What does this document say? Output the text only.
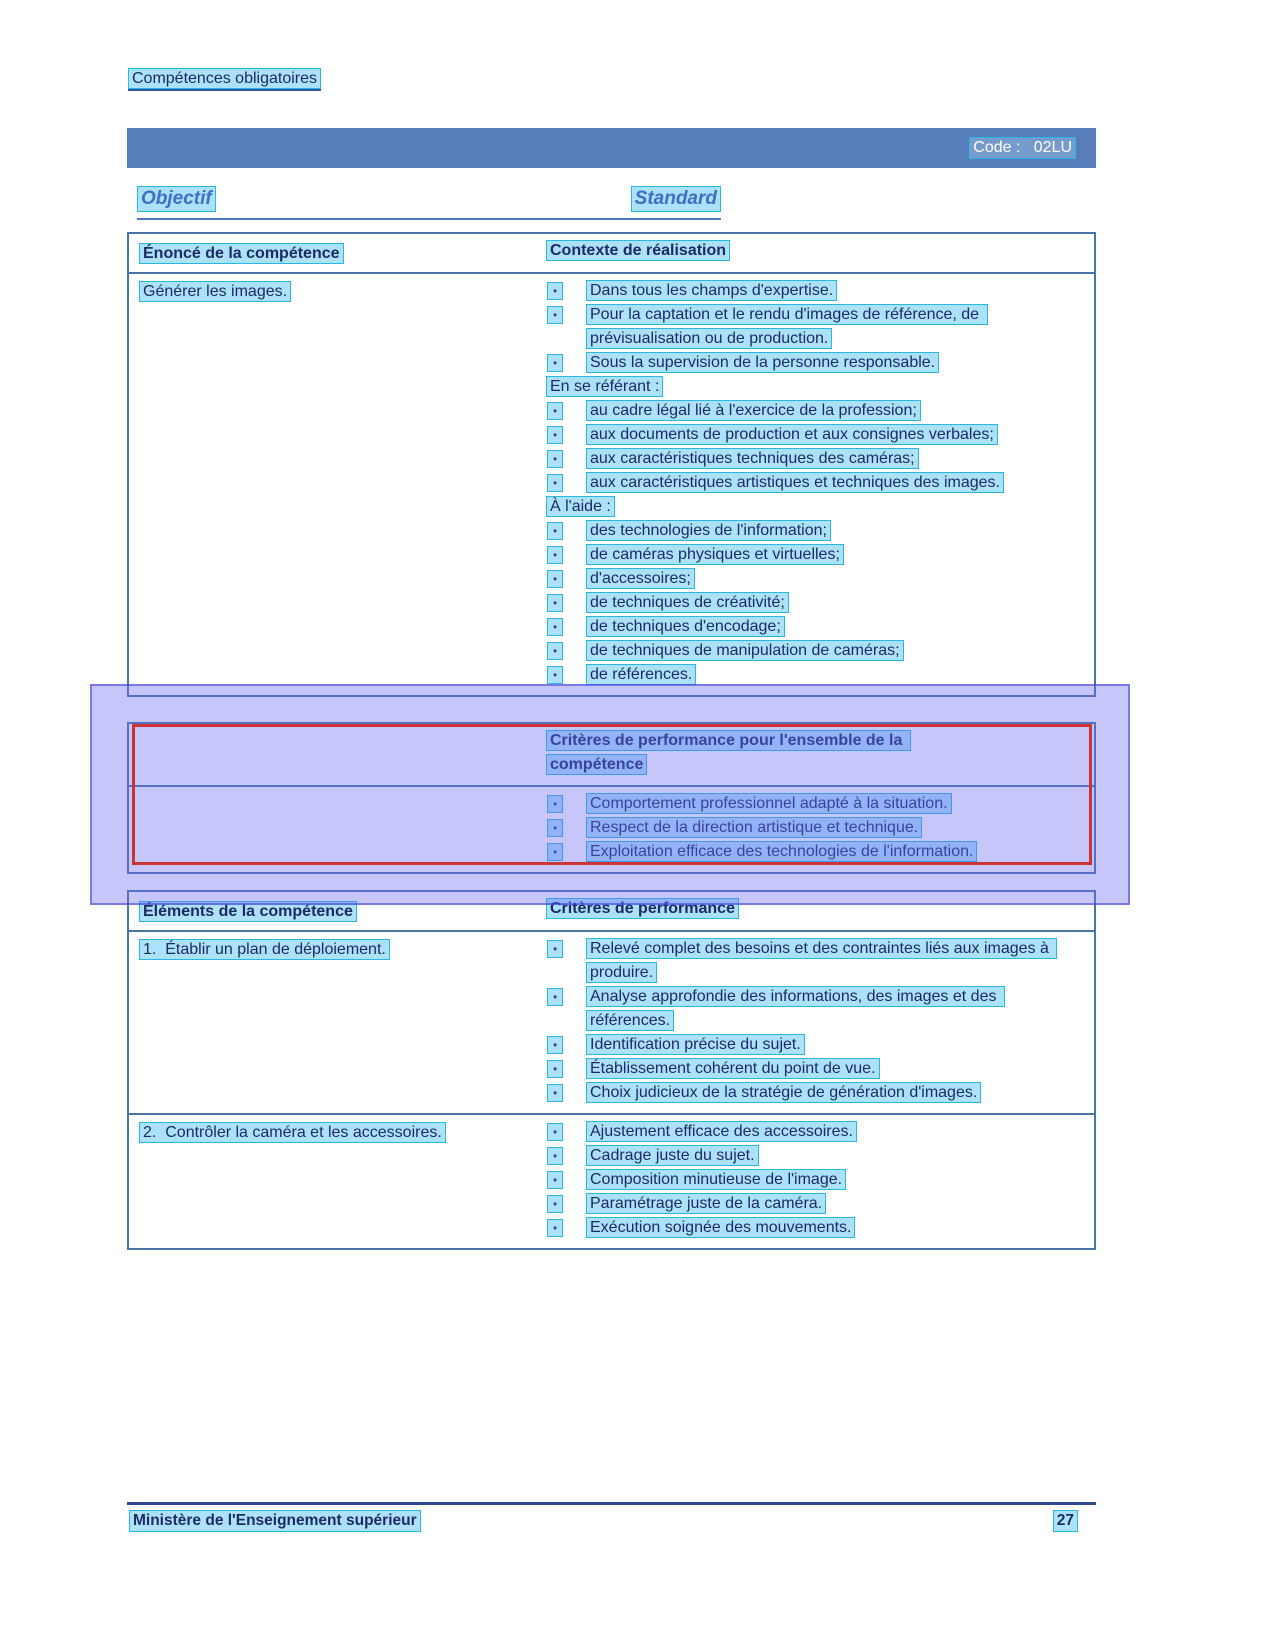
Compétences obligatoires
Code :   02LU
Objectif	Standard
Énoncé de la compétence	Contexte de réalisation
Générer les images.	•	Dans tous les champs d'expertise.
•	Pour la captation et le rendu d'images de référence, de prévisualisation ou de production.
•	Sous la supervision de la personne responsable.
En se référant :
•	au cadre légal lié à l'exercice de la profession;
•	aux documents de production et aux consignes verbales;
•	aux caractéristiques techniques des caméras;
•	aux caractéristiques artistiques et techniques des images.
À l'aide :
•	des technologies de l'information;
•	de caméras physiques et virtuelles;
•	d'accessoires;
•	de techniques de créativité;
•	de techniques d'encodage;
•	de techniques de manipulation de caméras;
•	de références.
Critères de performance pour l'ensemble de la compétence
•	Comportement professionnel adapté à la situation.
•	Respect de la direction artistique et technique.
•	Exploitation efficace des technologies de l'information.
Éléments de la compétence	Critères de performance
1.  Établir un plan de déploiement.	•	Relevé complet des besoins et des contraintes liés aux images à produire.
•	Analyse approfondie des informations, des images et des références.
•	Identification précise du sujet.
•	Établissement cohérent du point de vue.
•	Choix judicieux de la stratégie de génération d'images.
2.  Contrôler la caméra et les accessoires.	•	Ajustement efficace des accessoires.
•	Cadrage juste du sujet.
•	Composition minutieuse de l'image.
•	Paramétrage juste de la caméra.
•	Exécution soignée des mouvements.
Ministère de l'Enseignement supérieur	27
